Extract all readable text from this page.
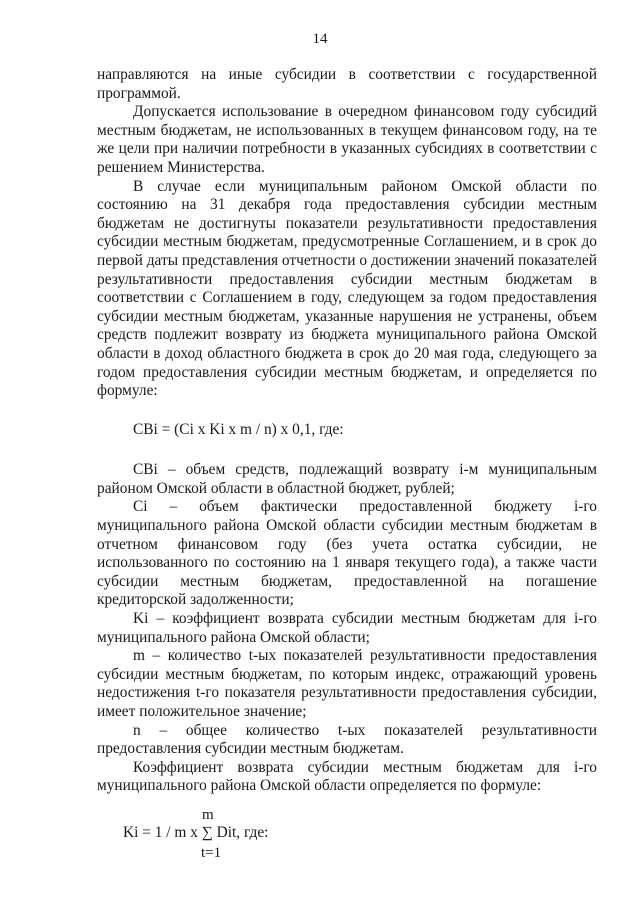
14

направляются на иные субсидии в соответствии с государственной программой.

Допускается использование в очередном финансовом году субсидий местным бюджетам, не использованных в текущем финансовом году, на те же цели при наличии потребности в указанных субсидиях в соответствии с решением Министерства.

В случае если муниципальным районом Омской области по состоянию на 31 декабря года предоставления субсидии местным бюджетам не достигнуты показатели результативности предоставления субсидии местным бюджетам, предусмотренные Соглашением, и в срок до первой даты представления отчетности о достижении значений показателей результативности предоставления субсидии местным бюджетам в соответствии с Соглашением в году, следующем за годом предоставления субсидии местным бюджетам, указанные нарушения не устранены, объем средств подлежит возврату из бюджета муниципального района Омской области в доход областного бюджета в срок до 20 мая года, следующего за годом предоставления субсидии местным бюджетам, и определяется по формуле:

CBi = (Ci x Ki x m / n) x 0,1, где:

CBi – объем средств, подлежащий возврату i-м муниципальным районом Омской области в областной бюджет, рублей;

Ci – объем фактически предоставленной бюджету i-го муниципального района Омской области субсидии местным бюджетам в отчетном финансовом году (без учета остатка субсидии, не использованного по состоянию на 1 января текущего года), а также части субсидии местным бюджетам, предоставленной на погашение кредиторской задолженности;

Ki – коэффициент возврата субсидии местным бюджетам для i-го муниципального района Омской области;

m – количество t-ых показателей результативности предоставления субсидии местным бюджетам, по которым индекс, отражающий уровень недостижения t-го показателя результативности предоставления субсидии, имеет положительное значение;

n – общее количество t-ых показателей результативности предоставления субсидии местным бюджетам.

Коэффициент возврата субсидии местным бюджетам для i-го муниципального района Омской области определяется по формуле:

m
Ki = 1 / m x ∑ Dit, где:
t=1
